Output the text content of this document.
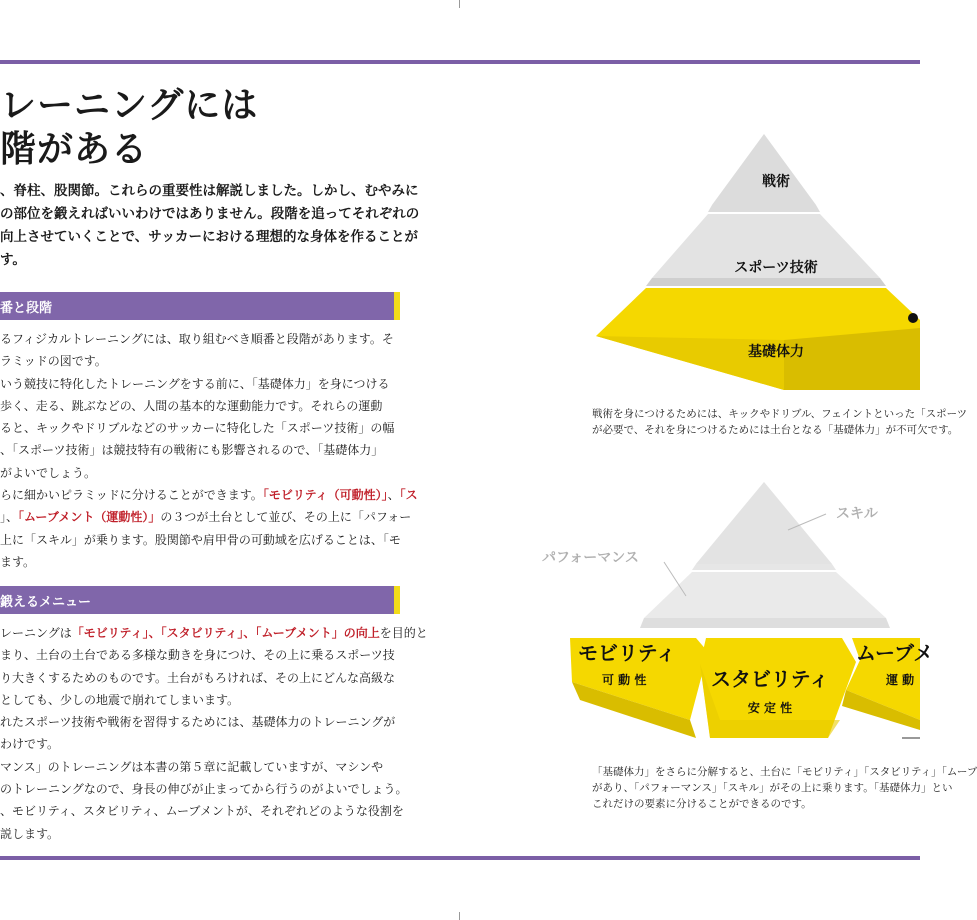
レーニングには
階がある

、脊柱、股関節。これらの重要性は解説しました。しかし、むやみに

の部位を鍛えればいいわけではありません。段階を追ってそれぞれの

向上させていくことで、サッカーにおける理想的な身体を作ることが

す。

番と段階

るフィジカルトレーニングには、取り組むべき順番と段階があります。そ

ラミッドの図です。

いう競技に特化したトレーニングをする前に、「基礎体力」を身につける

歩く、走る、跳ぶなどの、人間の基本的な運動能力です。それらの運動

ると、キックやドリブルなどのサッカーに特化した「スポーツ技術」の幅

、「スポーツ技術」は競技特有の戦術にも影響されるので、「基礎体力」

がよいでしょう。

らに細かいピラミッドに分けることができます。「モビリティ（可動性）」、「ス

」、「ムーブメント（運動性）」の３つが土台として並び、その上に「パフォー

上に「スキル」が乗ります。股関節や肩甲骨の可動域を広げることは、「モ

ます。

鍛えるメニュー

レーニングは「モビリティ」、「スタビリティ」、「ムーブメント」の向上を目的と

まり、土台の土台である多様な動きを身につけ、その上に乗るスポーツ技

り大きくするためのものです。土台がもろければ、その上にどんな高級な

としても、少しの地震で崩れてしまいます。

れたスポーツ技術や戦術を習得するためには、基礎体力のトレーニングが

わけです。

マンス」のトレーニングは本書の第５章に記載していますが、マシンや

のトレーニングなので、身長の伸びが止まってから行うのがよいでしょう。

、モビリティ、スタビリティ、ムーブメントが、それぞれどのような役割を

説します。

戦術
スポーツ技術
基礎体力
スキル
パフォーマンス
モビリティ
可 動 性	スタビリティ
安 定 性
ムーブメ
運 動
戦術を身につけるためには、キックやドリブル、フェイントといった「スポーツ
が必要で、それを身につけるためには土台となる「基礎体力」が不可欠です。
「基礎体力」をさらに分解すると、土台に「モビリティ」「スタビリティ」「ムーブ
があり、「パフォーマンス」「スキル」がその上に乗ります。「基礎体力」とい
これだけの要素に分けることができるのです。
